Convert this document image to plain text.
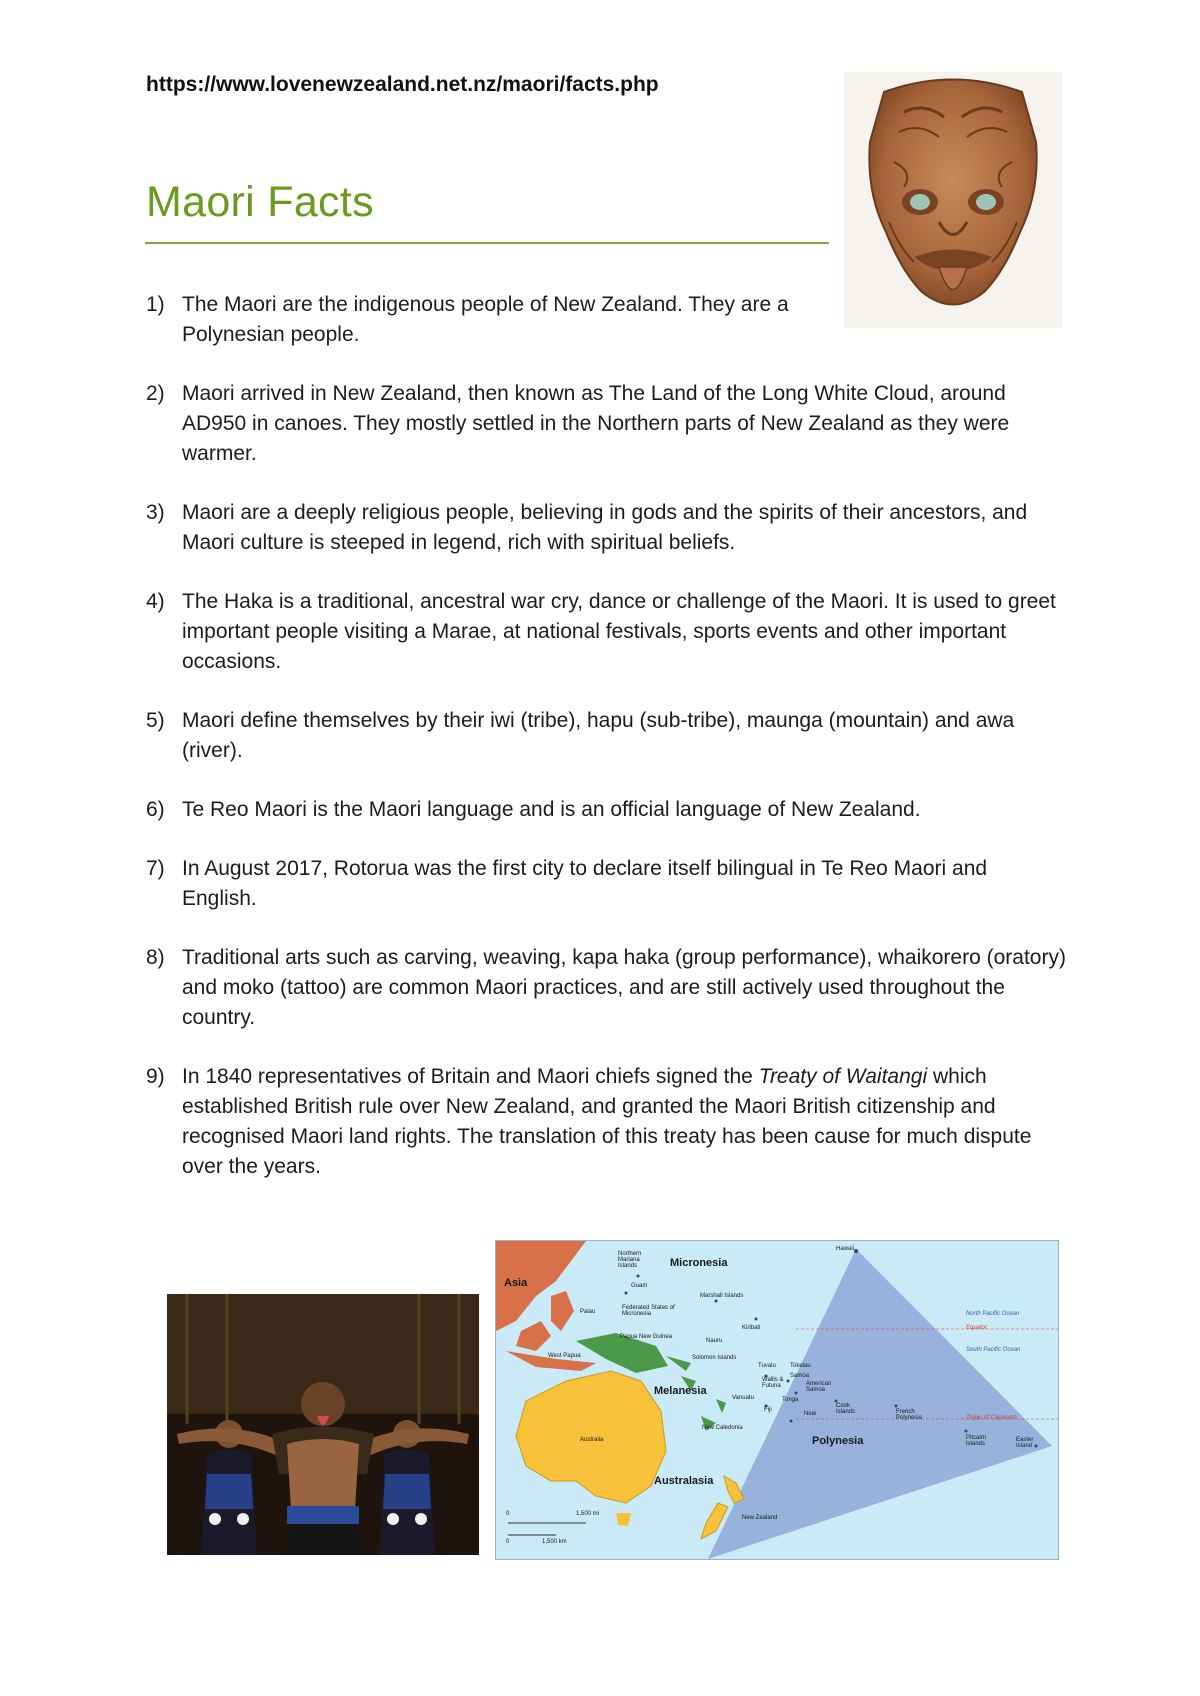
https://www.lovenewzealand.net.nz/maori/facts.php
Maori Facts
1) The Maori are the indigenous people of New Zealand. They are a Polynesian people.
2) Maori arrived in New Zealand, then known as The Land of the Long White Cloud, around AD950 in canoes. They mostly settled in the Northern parts of New Zealand as they were warmer.
3) Maori are a deeply religious people, believing in gods and the spirits of their ancestors, and Maori culture is steeped in legend, rich with spiritual beliefs.
4) The Haka is a traditional, ancestral war cry, dance or challenge of the Maori. It is used to greet important people visiting a Marae, at national festivals, sports events and other important occasions.
5) Maori define themselves by their iwi (tribe), hapu (sub-tribe), maunga (mountain) and awa (river).
6) Te Reo Maori is the Maori language and is an official language of New Zealand.
7) In August 2017, Rotorua was the first city to declare itself bilingual in Te Reo Maori and English.
8) Traditional arts such as carving, weaving, kapa haka (group performance), whaikorero (oratory) and moko (tattoo) are common Maori practices, and are still actively used throughout the country.
9) In 1840 representatives of Britain and Maori chiefs signed the Treaty of Waitangi which established British rule over New Zealand, and granted the Maori British citizenship and recognised Maori land rights. The translation of this treaty has been cause for much dispute over the years.
Asia
Micronesia
Melanesia
Polynesia
Australasia
Northern Mariana Islands
Guam
Marshall Islands
Palau
Federated States of Micronesia
Kiribati
Papua New Guinea
Nauru
West Papua	Solomon Islands
Tuvalu Tokelau
Wallis & Futuna
Samoa
American Samoa
Vanuatu
Fiji
Tonga
Niue
Cook Islands	French Polynesia
New Caledonia
Australia
New Zealand
Hawaii
Pitcairn Islands
Easter Island
North Pacific Ocean
Equator
South Pacific Ocean
Tropic of Capricorn
0	1,500 mi
0	1,500 km
